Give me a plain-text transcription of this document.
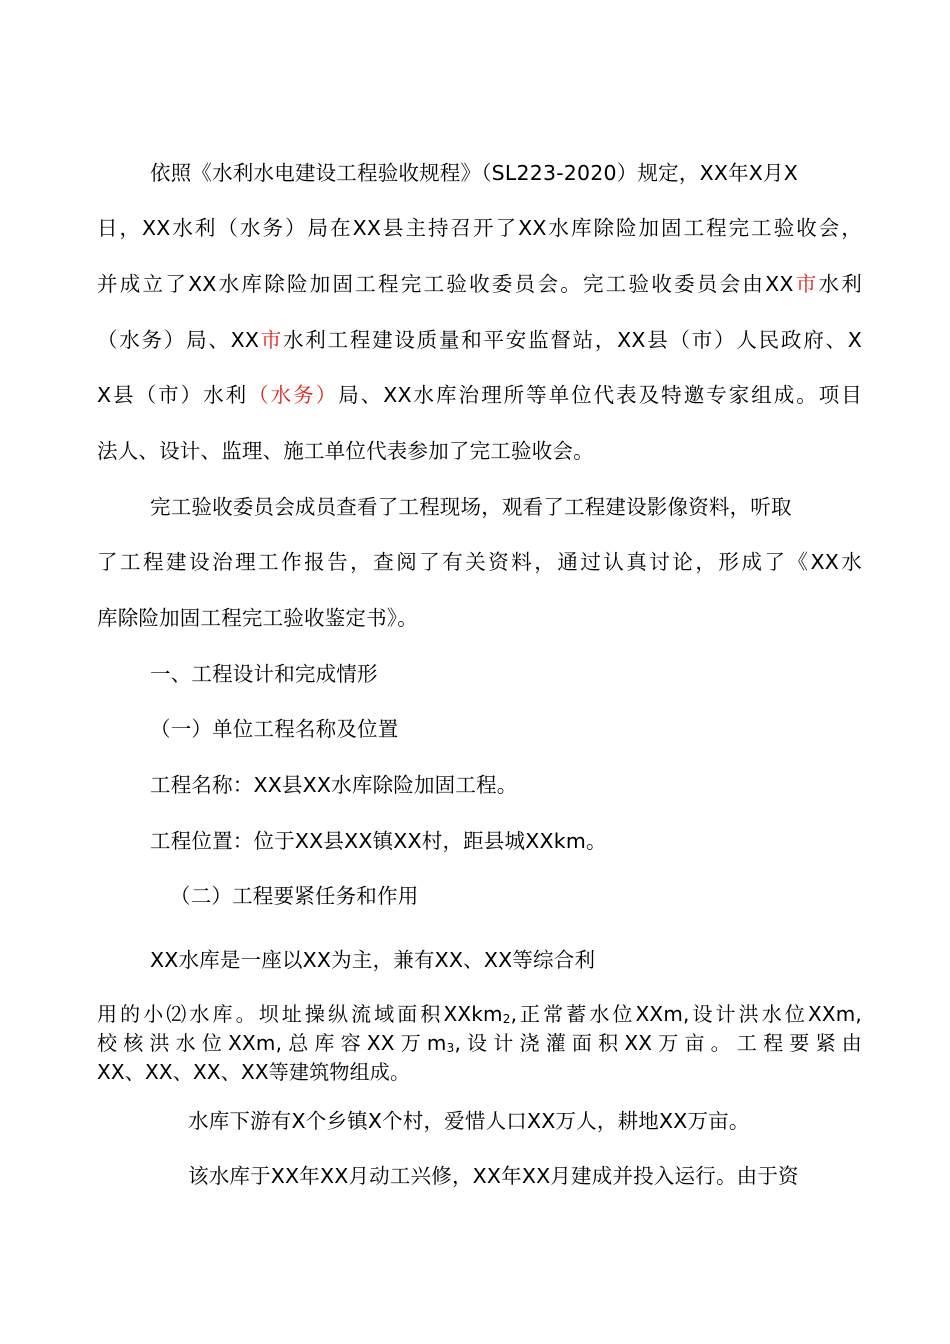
依照《水利水电建设工程验收规程》（SL223-2020）规定，XX年X月X
日，XX水利（水务）局在XX县主持召开了XX水库除险加固工程完工验收会，
并成立了XX水库除险加固工程完工验收委员会。完工验收委员会由XX市水利
（水务）局、XX市水利工程建设质量和平安监督站，XX县（市）人民政府、X
X县（市）水利（水务）局、XX水库治理所等单位代表及特邀专家组成。项目
法人、设计、监理、施工单位代表参加了完工验收会。
完工验收委员会成员查看了工程现场，观看了工程建设影像资料，听取
了工程建设治理工作报告，查阅了有关资料，通过认真讨论，形成了《XX水
库除险加固工程完工验收鉴定书》。
一、工程设计和完成情形
（一）单位工程名称及位置
工程名称：XX县XX水库除险加固工程。
工程位置：位于XX县XX镇XX村，距县城XXkm。
（二）工程要紧任务和作用
XX水库是一座以XX为主，兼有XX、XX等综合利
用的小⑵水库。坝址操纵流域面积XXkm$_2$,正常蓄水位XXm,设计洪水位XXm,
校核洪水位XXm,总库容XX万$m_3$,设计浇灌面积XX万亩。工程要紧由
XX、XX、XX、XX等建筑物组成。
水库下游有X个乡镇X个村，爱惜人口XX万人，耕地XX万亩。
该水库于XX年XX月动工兴修，XX年XX月建成并投入运行。由于资
